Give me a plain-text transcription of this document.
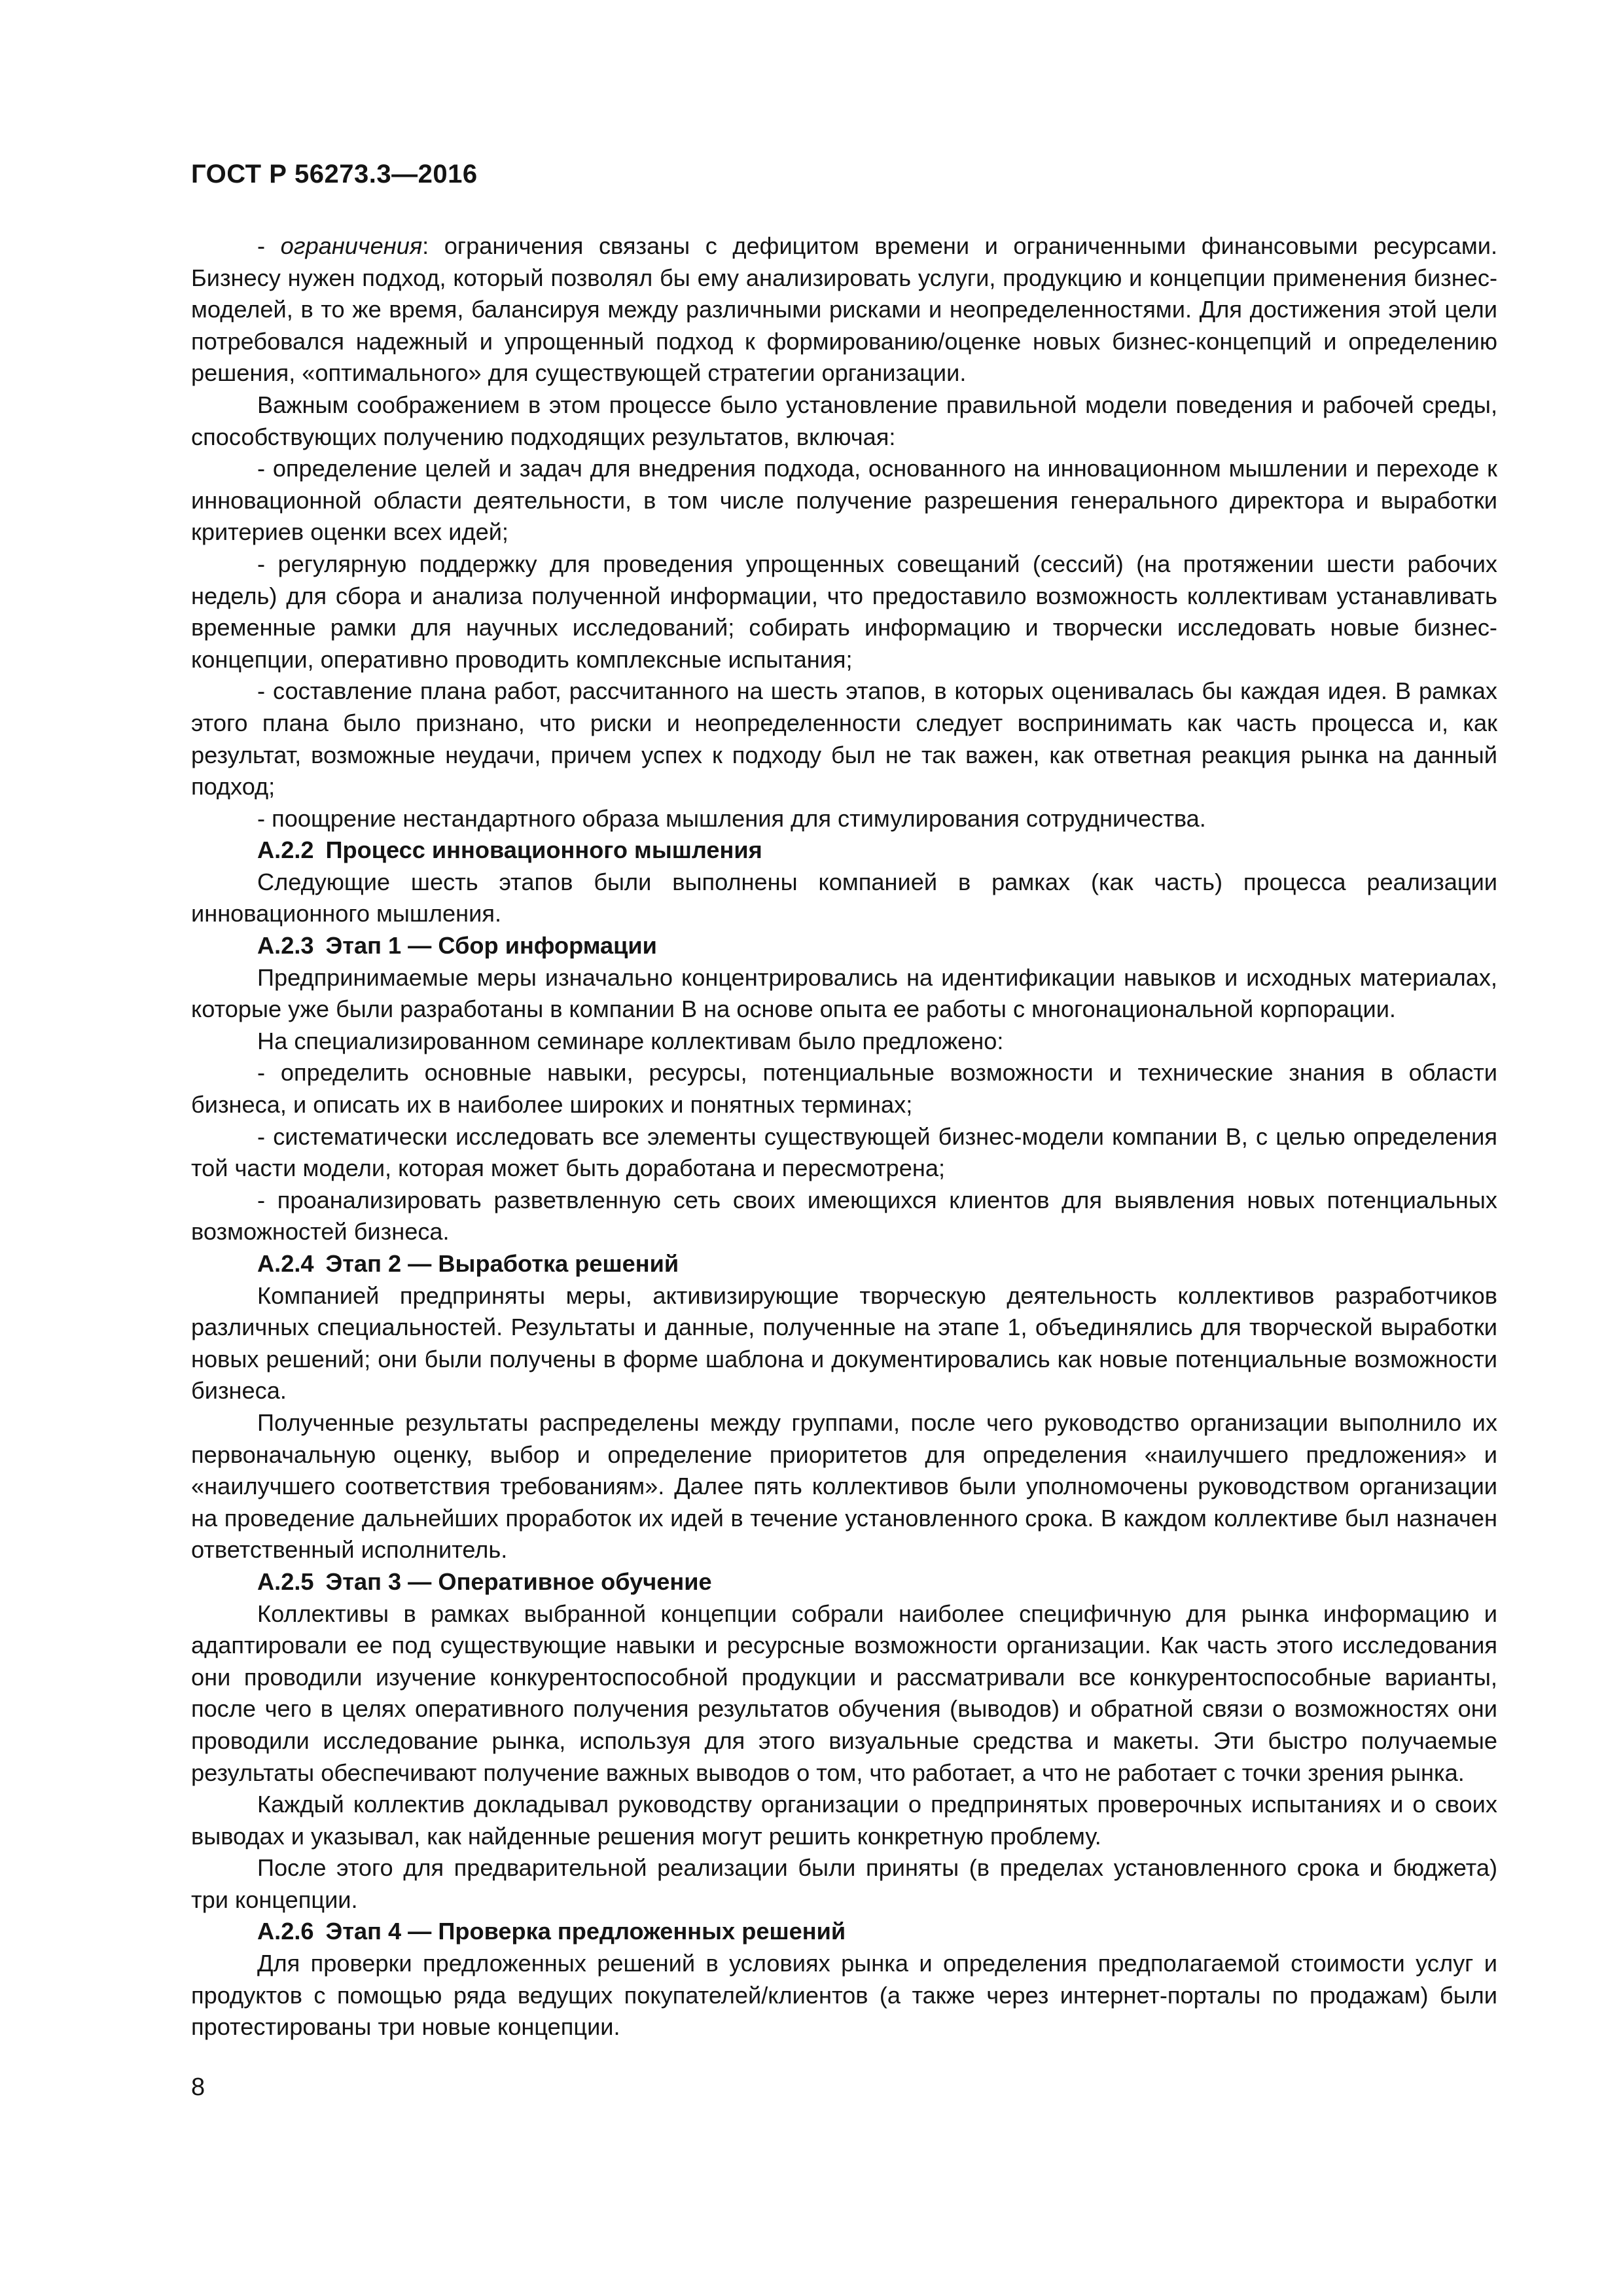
ГОСТ Р 56273.3—2016

- ограничения: ограничения связаны с дефицитом времени и ограниченными финансовыми ресурсами. Бизнесу нужен подход, который позволял бы ему анализировать услуги, продукцию и концепции применения бизнес-моделей, в то же время, балансируя между различными рисками и неопределенностями. Для достижения этой цели потребовался надежный и упрощенный подход к формированию/оценке новых бизнес-концепций и определению решения, «оптимального» для существующей стратегии организации.

Важным соображением в этом процессе было установление правильной модели поведения и рабочей среды, способствующих получению подходящих результатов, включая:

- определение целей и задач для внедрения подхода, основанного на инновационном мышлении и переходе к инновационной области деятельности, в том числе получение разрешения генерального директора и выработки критериев оценки всех идей;

- регулярную поддержку для проведения упрощенных совещаний (сессий) (на протяжении шести рабочих недель) для сбора и анализа полученной информации, что предоставило возможность коллективам устанавливать временные рамки для научных исследований; собирать информацию и творчески исследовать новые бизнес-концепции, оперативно проводить комплексные испытания;

- составление плана работ, рассчитанного на шесть этапов, в которых оценивалась бы каждая идея. В рамках этого плана было признано, что риски и неопределенности следует воспринимать как часть процесса и, как результат, возможные неудачи, причем успех к подходу был не так важен, как ответная реакция рынка на данный подход;

- поощрение нестандартного образа мышления для стимулирования сотрудничества.

А.2.2 Процесс инновационного мышления

Следующие шесть этапов были выполнены компанией в рамках (как часть) процесса реализации инновационного мышления.

А.2.3 Этап 1 — Сбор информации

Предпринимаемые меры изначально концентрировались на идентификации навыков и исходных материалах, которые уже были разработаны в компании В на основе опыта ее работы с многонациональной корпорации.

На специализированном семинаре коллективам было предложено:

- определить основные навыки, ресурсы, потенциальные возможности и технические знания в области бизнеса, и описать их в наиболее широких и понятных терминах;

- систематически исследовать все элементы существующей бизнес-модели компании В, с целью определения той части модели, которая может быть доработана и пересмотрена;

- проанализировать разветвленную сеть своих имеющихся клиентов для выявления новых потенциальных возможностей бизнеса.

А.2.4 Этап 2 — Выработка решений

Компанией предприняты меры, активизирующие творческую деятельность коллективов разработчиков различных специальностей. Результаты и данные, полученные на этапе 1, объединялись для творческой выработки новых решений; они были получены в форме шаблона и документировались как новые потенциальные возможности бизнеса.

Полученные результаты распределены между группами, после чего руководство организации выполнило их первоначальную оценку, выбор и определение приоритетов для определения «наилучшего предложения» и «наилучшего соответствия требованиям». Далее пять коллективов были уполномочены руководством организации на проведение дальнейших проработок их идей в течение установленного срока. В каждом коллективе был назначен ответственный исполнитель.

А.2.5 Этап 3 — Оперативное обучение

Коллективы в рамках выбранной концепции собрали наиболее специфичную для рынка информацию и адаптировали ее под существующие навыки и ресурсные возможности организации. Как часть этого исследования они проводили изучение конкурентоспособной продукции и рассматривали все конкурентоспособные варианты, после чего в целях оперативного получения результатов обучения (выводов) и обратной связи о возможностях они проводили исследование рынка, используя для этого визуальные средства и макеты. Эти быстро получаемые результаты обеспечивают получение важных выводов о том, что работает, а что не работает с точки зрения рынка.

Каждый коллектив докладывал руководству организации о предпринятых проверочных испытаниях и о своих выводах и указывал, как найденные решения могут решить конкретную проблему.

После этого для предварительной реализации были приняты (в пределах установленного срока и бюджета) три концепции.

А.2.6 Этап 4 — Проверка предложенных решений

Для проверки предложенных решений в условиях рынка и определения предполагаемой стоимости услуг и продуктов с помощью ряда ведущих покупателей/клиентов (а также через интернет-порталы по продажам) были протестированы три новые концепции.

8
